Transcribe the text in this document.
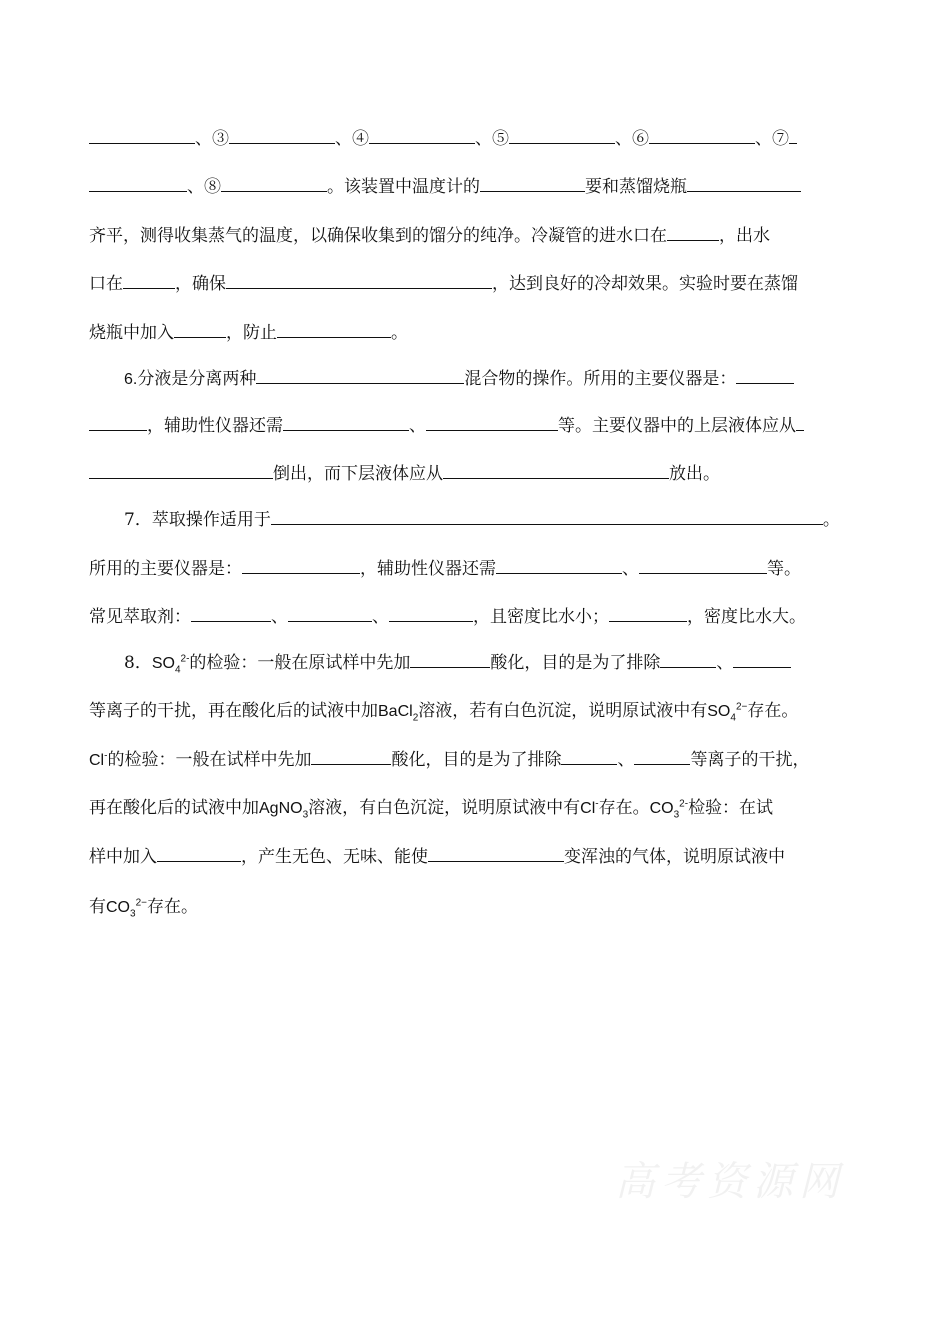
、③	、④	、⑤	、⑥	、⑦
、⑧	。该装置中温度计的	要和蒸馏烧瓶
齐平，测得收集蒸气的温度，以确保收集到的馏分的纯净。冷凝管的进水口在	，出水
口在	，确保	，达到良好的冷却效果。实验时要在蒸馏
烧瓶中加入	，防止	。
6.分液是分离两种	混合物的操作。所用的主要仪器是：
，辅助性仪器还需	、	等。主要仪器中的上层液体应从
倒出，而下层液体应从	放出。
7．萃取操作适用于	。
所用的主要仪器是：	，辅助性仪器还需	、	等。
常见萃取剂：	、	、	，且密度比水小；	，密度比水大。
8．$SO_4^{2-}$的检验：一般在原试样中先加	酸化，目的是为了排除	、
等离子的干扰，再在酸化后的试液中加BaCl$_2$溶液，若有白色沉淀，说明原试液中有$SO_4^{2-}$存在。
Cl-的检验：一般在试样中先加	酸化，目的是为了排除	、	等离子的干扰，
再在酸化后的试液中加AgNO$_3$溶液，有白色沉淀，说明原试液中有Cl-存在。$CO_3^{2-}$检验：在试
样中加入	，产生无色、无味、能使	变浑浊的气体，说明原试液中
有$CO_3^{2-}$存在。
高考资源网
